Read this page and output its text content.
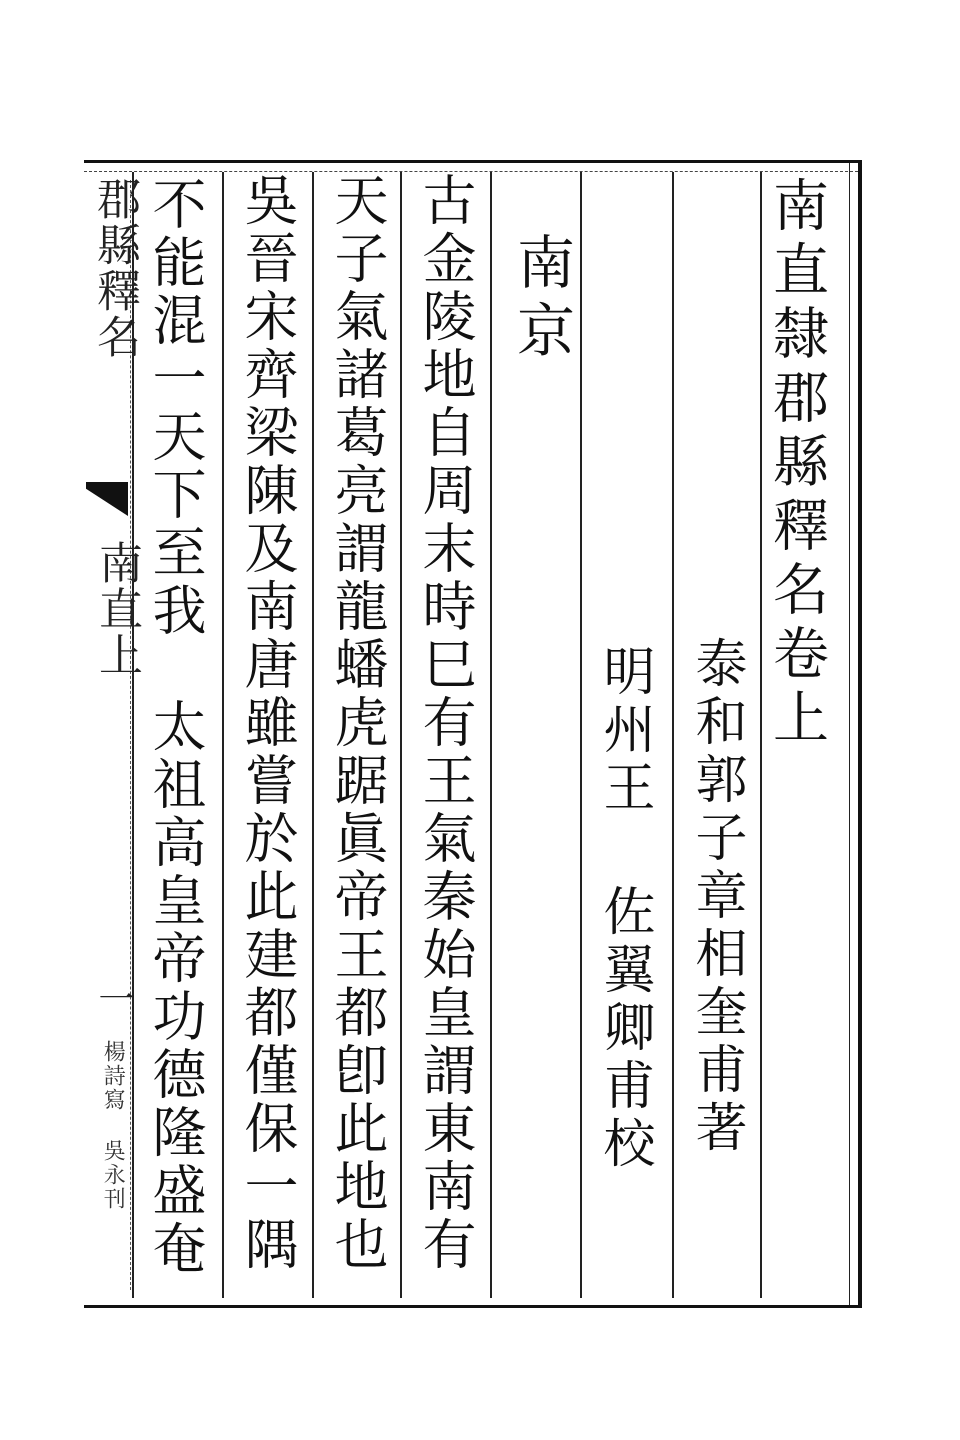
南直隸郡縣釋名卷上
泰和郭子章相奎甫著
明州王 佐翼卿甫校
南京
古金陵地自周末時巳有王氣秦始皇謂東南有
天子氣諸葛亮謂龍蟠虎踞眞帝王都卽此地也
吳晉宋齊梁陳及南唐雖嘗於此建都僅保一隅
不能混一天下至我　太祖高皇帝功德隆盛奄
郡縣釋名
南直上
一
楊詩寫 吳永刊
